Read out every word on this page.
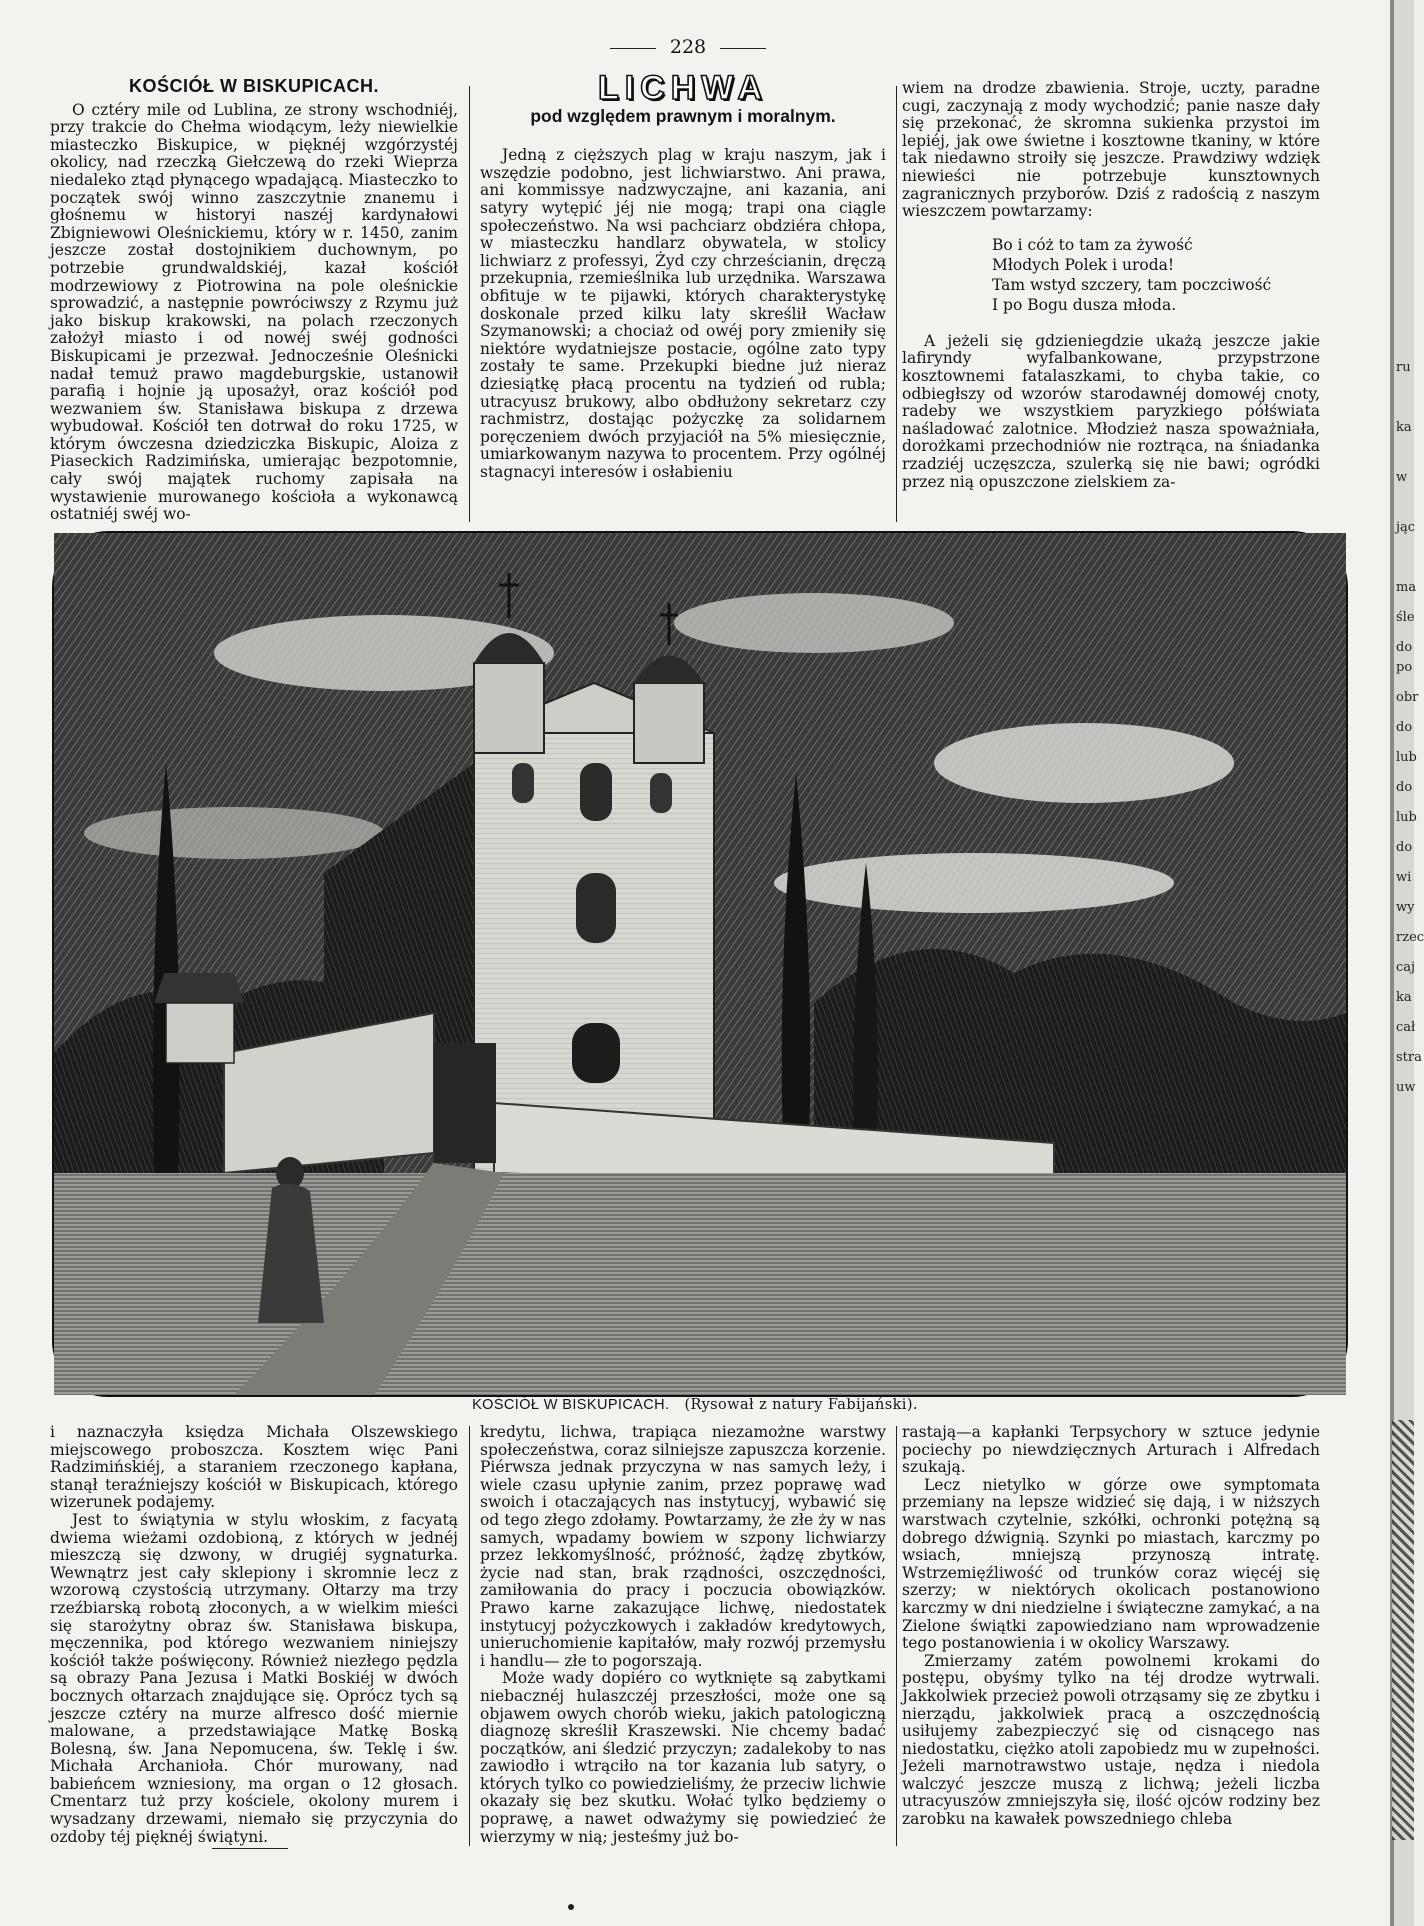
228
KOŚCIÓŁ W BISKUPICACH.

O cztéry mile od Lublina, ze strony wschodniéj, przy trakcie do Chełma wiodącym, leży niewielkie miasteczko Biskupice, w pięknéj wzgórzystéj okolicy, nad rzeczką Giełczewą do rzeki Wieprza niedaleko ztąd płynącego wpadającą. Miasteczko to początek swój winno zaszczytnie znanemu i głośnemu w historyi naszéj kardynałowi Zbigniewowi Oleśnickiemu, który w r. 1450, zanim jeszcze został dostojnikiem duchownym, po potrzebie grundwaldskiéj, kazał kościół modrzewiowy z Piotrowina na pole oleśnickie sprowadzić, a następnie powróciwszy z Rzymu już jako biskup krakowski, na polach rzeczonych założył miasto i od nowéj swéj godności Biskupicami je przezwał. Jednocześnie Oleśnicki nadał temuż prawo magdeburgskie, ustanowił parafią i hojnie ją uposażył, oraz kościół pod wezwaniem św. Stanisława biskupa z drzewa wybudował. Kościół ten dotrwał do roku 1725, w którym ówczesna dziedziczka Biskupic, Aloiza z Piaseckich Radzimińska, umierając bezpotomnie, cały swój majątek ruchomy zapisała na wystawienie murowanego kościoła a wykonawcą ostatniéj swéj wo-

LICHWA
pod względem prawnym i moralnym.

Jedną z cięższych plag w kraju naszym, jak i wszędzie podobno, jest lichwiarstwo. Ani prawa, ani kommissye nadzwyczajne, ani kazania, ani satyry wytępić jéj nie mogą; trapi ona ciągle społeczeństwo. Na wsi pachciarz obdziéra chłopa, w miasteczku handlarz obywatela, w stolicy lichwiarz z professyi, Żyd czy chrześcianin, dręczą przekupnia, rzemieślnika lub urzędnika. Warszawa obfituje w te pijawki, których charakterystykę doskonale przed kilku laty skreślił Wacław Szymanowski; a chociaż od owéj pory zmieniły się niektóre wydatniejsze postacie, ogólne zato typy zostały te same. Przekupki biedne już nieraz dziesiątkę płacą procentu na tydzień od rubla; utracyusz brukowy, albo obdłużony sekretarz czy rachmistrz, dostając pożyczkę za solidarnem poręczeniem dwóch przyjaciół na 5% miesięcznie, umiarkowanym nazywa to procentem. Przy ogólnéj stagnacyi interesów i osłabieniu

wiem na drodze zbawienia. Stroje, uczty, paradne cugi, zaczynają z mody wychodzić; panie nasze dały się przekonać, że skromna sukienka przystoi im lepiéj, jak owe świetne i kosztowne tkaniny, w które tak niedawno stroiły się jeszcze. Prawdziwy wdzięk niewieści nie potrzebuje kunsztownych zagranicznych przyborów. Dziś z radością z naszym wieszczem powtarzamy:

Bo i cóż to tam za żywość
Młodych Polek i uroda!
Tam wstyd szczery, tam poczciwość
I po Bogu dusza młoda.

A jeżeli się gdzieniegdzie ukażą jeszcze jakie lafiryndy wyfalbankowane, przypstrzone kosztownemi fatalaszkami, to chyba takie, co odbiegłszy od wzorów starodawnéj domowéj cnoty, radeby we wszystkiem paryzkiego półświata naśladować zalotnice. Młodzież nasza spoważniała, dorożkami przechodniów nie roztrąca, na śniadanka rzadziéj uczęszcza, szulerką się nie bawi; ogródki przez nią opuszczone zielskiem za-

KOŚCIÓŁ W BISKUPICACH. (Rysował z natury Fabijański).

i naznaczyła księdza Michała Olszewskiego miejscowego proboszcza. Kosztem więc Pani Radzimińskiéj, a staraniem rzeczonego kapłana, stanął teraźniejszy kościół w Biskupicach, którego wizerunek podajemy.

Jest to świątynia w stylu włoskim, z facyatą dwiema wieżami ozdobioną, z których w jednéj mieszczą się dzwony, w drugiéj sygnaturka. Wewnątrz jest cały sklepiony i skromnie lecz z wzorową czystością utrzymany. Ołtarzy ma trzy rzeźbiarską robotą złoconych, a w wielkim mieści się starożytny obraz św. Stanisława biskupa, męczennika, pod którego wezwaniem niniejszy kościół także poświęcony. Również niezłego pędzla są obrazy Pana Jezusa i Matki Boskiéj w dwóch bocznych ołtarzach znajdujące się. Oprócz tych są jeszcze cztéry na murze alfresco dość miernie malowane, a przedstawiające Matkę Boską Bolesną, św. Jana Nepomucena, św. Teklę i św. Michała Archanioła. Chór murowany, nad babieńcem wzniesiony, ma organ o 12 głosach. Cmentarz tuż przy kościele, okolony murem i wysadzany drzewami, niemało się przyczynia do ozdoby téj pięknéj świątyni.

kredytu, lichwa, trapiąca niezamożne warstwy społeczeństwa, coraz silniejsze zapuszcza korzenie. Piérwsza jednak przyczyna w nas samych leży, i wiele czasu upłynie zanim, przez poprawę wad swoich i otaczających nas instytucyj, wybawić się od tego złego zdołamy. Powtarzamy, że złe ży w nas samych, wpadamy bowiem w szpony lichwiarzy przez lekkomyślność, próżność, żądzę zbytków, życie nad stan, brak rządności, oszczędności, zamiłowania do pracy i poczucia obowiązków. Prawo karne zakazujące lichwę, niedostatek instytucyj pożyczkowych i zakładów kredytowych, unieruchomienie kapitałów, mały rozwój przemysłu i handlu— złe to pogorszają.

Może wady dopiéro co wytknięte są zabytkami niebacznéj hulaszczéj przeszłości, może one są objawem owych chorób wieku, jakich patologiczną diagnozę skreślił Kraszewski. Nie chcemy badać początków, ani śledzić przyczyn; zadalekoby to nas zawiodło i wtrąciło na tor kazania lub satyry, o których tylko co powiedzieliśmy, że przeciw lichwie okazały się bez skutku. Wołać tylko będziemy o poprawę, a nawet odważymy się powiedzieć że wierzymy w nią; jesteśmy już bo-

rastają—a kapłanki Terpsychory w sztuce jedynie pociechy po niewdzięcznych Arturach i Alfredach szukają.

Lecz nietylko w górze owe symptomata przemiany na lepsze widzieć się dają, i w niższych warstwach czytelnie, szkółki, ochronki potężną są dobrego dźwignią. Szynki po miastach, karczmy po wsiach, mniejszą przynoszą intratę. Wstrzemięźliwość od trunków coraz więcéj się szerzy; w niektórych okolicach postanowiono karczmy w dni niedzielne i świąteczne zamykać, a na Zielone świątki zapowiedziano nam wprowadzenie tego postanowienia i w okolicy Warszawy.

Zmierzamy zatém powolnemi krokami do postępu, obyśmy tylko na téj drodze wytrwali. Jakkolwiek przecież powoli otrząsamy się ze zbytku i nierządu, jakkolwiek pracą a oszczędnością usiłujemy zabezpieczyć się od cisnącego nas niedostatku, ciężko atoli zapobiedz mu w zupełności. Jeżeli marnotrawstwo ustaje, nędza i niedola walczyć jeszcze muszą z lichwą; jeżeli liczba utracyuszów zmniejszyła się, ilość ojców rodziny bez zarobku na kawałek powszedniego chleba

ru
ka
w
jąc
ma
śle
do
po
obr
do
lub
do
lub
do
wi
wy
rzec
caj
ka
cał
stra
uw
